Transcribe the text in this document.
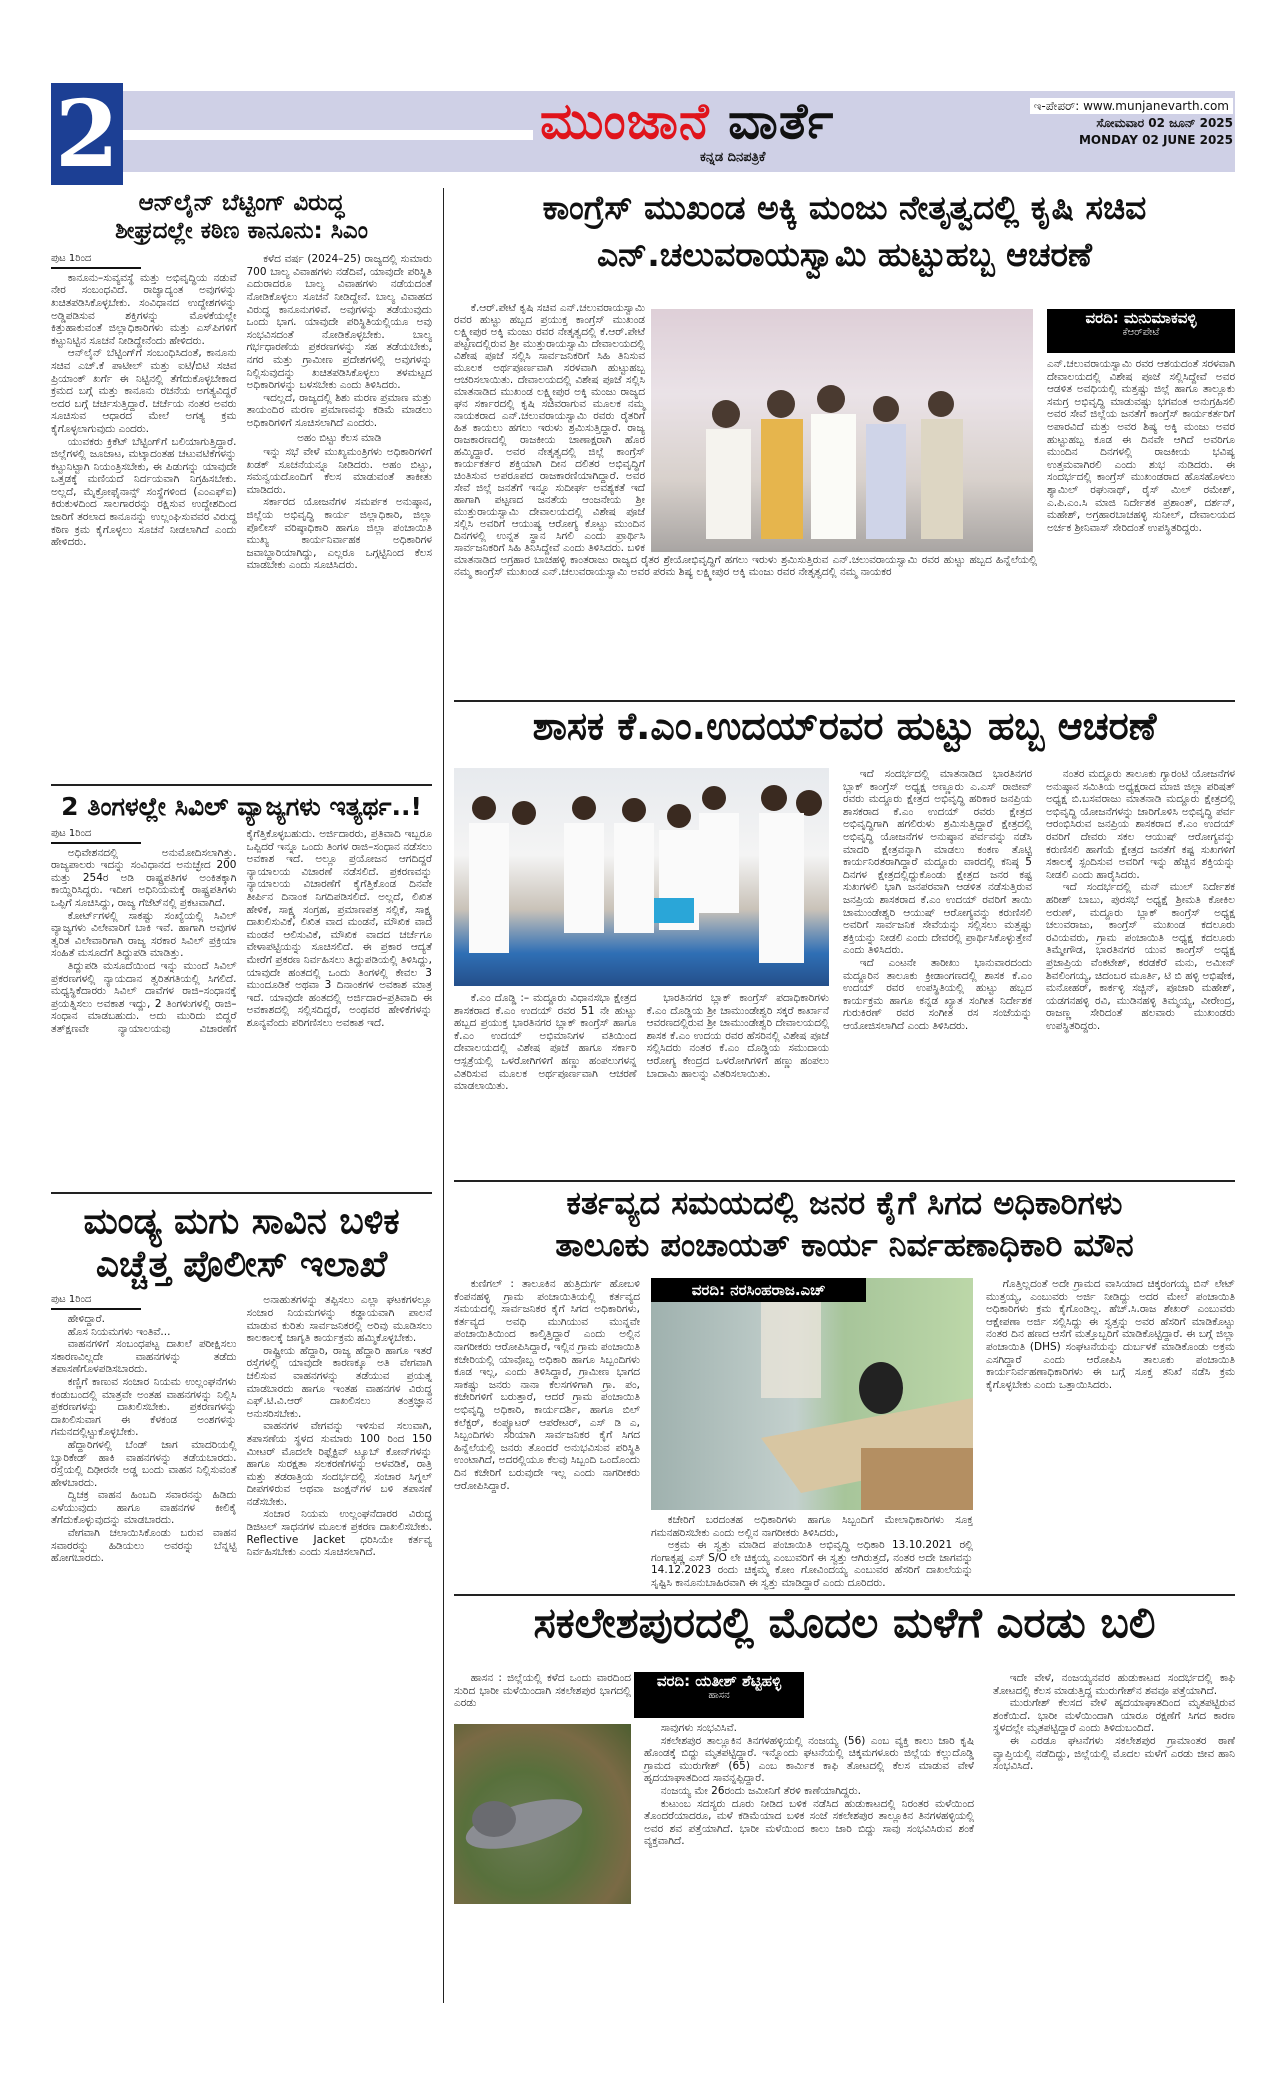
2	ಮುಂಜಾನೆ ವಾರ್ತೆ
ಕನ್ನಡ ದಿನಪತ್ರಿಕೆ
ಇ-ಪೇಪರ್: www.munjanevarth.com
ಸೋಮವಾರ 02 ಜೂನ್ 2025
MONDAY 02 JUNE 2025
ಆನ್‌ಲೈನ್ ಬೆಟ್ಟಿಂಗ್ ವಿರುದ್ಧ
ಶೀಘ್ರದಲ್ಲೇ ಕಠಿಣ ಕಾನೂನು: ಸಿಎಂ
ಪುಟ 1ರಿಂದ

ಕಾನೂನು–ಸುವ್ಯವಸ್ಥೆ ಮತ್ತು ಅಭಿವೃದ್ಧಿಯ ನಡುವೆ ನೇರ ಸಂಬಂಧವಿದೆ. ರಾಜ್ಯಾದ್ಯಂತ ಅವುಗಳನ್ನು ಖಚಿತಪಡಿಸಿಕೊಳ್ಳಬೇಕು. ಸಂವಿಧಾನದ ಉದ್ದೇಶಗಳನ್ನು ಅಡ್ಡಿಪಡಿಸುವ ಶಕ್ತಿಗಳನ್ನು ಮೊಳಕೆಯಲ್ಲೇ ಕಿತ್ತುಹಾಕುವಂತೆ ಜಿಲ್ಲಾಧಿಕಾರಿಗಳು ಮತ್ತು ಎಸ್‌ಪಿಗಳಿಗೆ ಕಟ್ಟುನಿಟ್ಟಿನ ಸೂಚನೆ ನೀಡಿದ್ದೇನೆಂದು ಹೇಳಿದರು.

ಆನ್‌ಲೈನ್ ಬೆಟ್ಟಿಂಗ್‌ಗೆ ಸಂಬಂಧಿಸಿದಂತೆ, ಕಾನೂನು ಸಚಿವ ಎಚ್.ಕೆ ಪಾಟೀಲ್ ಮತ್ತು ಐಟಿ/ಬಿಟಿ ಸಚಿವ ಪ್ರಿಯಾಂಕ್ ಖರ್ಗೆ ಈ ನಿಟ್ಟಿನಲ್ಲಿ ತೆಗೆದುಕೊಳ್ಳಬೇಕಾದ ಕ್ರಮದ ಬಗ್ಗೆ ಮತ್ತು ಕಾನೂನು ರಚನೆಯ ಅಗತ್ಯವಿದ್ದರೆ ಅದರ ಬಗ್ಗೆ ಚರ್ಚಿಸುತ್ತಿದ್ದಾರೆ. ಚರ್ಚೆಯ ನಂತರ ಅವರು ಸೂಚಿಸುವ ಆಧಾರದ ಮೇಲೆ ಅಗತ್ಯ ಕ್ರಮ ಕೈಗೊಳ್ಳಲಾಗುವುದು ಎಂದರು.

ಯುವಕರು ಕ್ರಿಕೆಟ್ ಬೆಟ್ಟಿಂಗ್‌ಗೆ ಬಲಿಯಾಗುತ್ತಿದ್ದಾರೆ. ಜಿಲ್ಲೆಗಳಲ್ಲಿ ಜೂಜಾಟ, ಮಟ್ಕಾದಂತಹ ಚಟುವಟಿಕೆಗಳನ್ನು ಕಟ್ಟುನಿಟ್ಟಾಗಿ ನಿಯಂತ್ರಿಸಬೇಕು, ಈ ಪಿಡುಗನ್ನು ಯಾವುದೇ ಒತ್ತಡಕ್ಕೆ ಮಣಿಯದೆ ನಿರ್ದಯವಾಗಿ ನಿಗ್ರಹಿಸಬೇಕು. ಅಲ್ಲದೆ, ಮೈಕ್ರೋಫೈನಾನ್ಸ್ ಸಂಸ್ಥೆಗಳಿಂದ (ಎಂಎಫ್‌ಐ) ಕಿರುಕುಳದಿಂದ ಸಾಲಗಾರರನ್ನು ರಕ್ಷಿಸುವ ಉದ್ದೇಶದಿಂದ ಜಾರಿಗೆ ತರಲಾದ ಕಾನೂನನ್ನು ಉಲ್ಲಂಘಿಸುವವರ ವಿರುದ್ಧ ಕಠಿಣ ಕ್ರಮ ಕೈಗೊಳ್ಳಲು ಸೂಚನೆ ನೀಡಲಾಗಿದೆ ಎಂದು ಹೇಳಿದರು.

ಕಳೆದ ವರ್ಷ (2024–25) ರಾಜ್ಯದಲ್ಲಿ ಸುಮಾರು 700 ಬಾಲ್ಯ ವಿವಾಹಗಳು ನಡೆದಿವೆ, ಯಾವುದೇ ಪರಿಸ್ಥಿತಿ ಎದುರಾದರೂ ಬಾಲ್ಯ ವಿವಾಹಗಳು ನಡೆಯದಂತೆ ನೋಡಿಕೊಳ್ಳಲು ಸೂಚನೆ ನೀಡಿದ್ದೇನೆ. ಬಾಲ್ಯ ವಿವಾಹದ ವಿರುದ್ಧ ಕಾನೂನುಗಳಿವೆ. ಅವುಗಳನ್ನು ತಡೆಯುವುದು ಒಂದು ಭಾಗ. ಯಾವುದೇ ಪರಿಸ್ಥಿತಿಯಲ್ಲಿಯೂ ಅವು ಸಂಭವಿಸದಂತೆ ನೋಡಿಕೊಳ್ಳಬೇಕು. ಬಾಲ್ಯ ಗರ್ಭಧಾರಣೆಯ ಪ್ರಕರಣಗಳನ್ನು ಸಹ ತಡೆಯಬೇಕು, ನಗರ ಮತ್ತು ಗ್ರಾಮೀಣ ಪ್ರದೇಶಗಳಲ್ಲಿ ಅವುಗಳನ್ನು ನಿಲ್ಲಿಸುವುದನ್ನು ಖಚಿತಪಡಿಸಿಕೊಳ್ಳಲು ತಳಮಟ್ಟದ ಅಧಿಕಾರಿಗಳನ್ನು ಬಳಸಬೇಕು ಎಂದು ತಿಳಿಸಿದರು.

ಇದಲ್ಲದೆ, ರಾಜ್ಯದಲ್ಲಿ ಶಿಶು ಮರಣ ಪ್ರಮಾಣ ಮತ್ತು ತಾಯಂದಿರ ಮರಣ ಪ್ರಮಾಣವನ್ನು ಕಡಿಮೆ ಮಾಡಲು ಅಧಿಕಾರಿಗಳಿಗೆ ಸೂಚಿಸಲಾಗಿದೆ ಎಂದರು.

ಅಹಂ ಬಿಟ್ಟು ಕೆಲಸ ಮಾಡಿ

ಇನ್ನು ಸಭೆ ವೇಳೆ ಮುಖ್ಯಮಂತ್ರಿಗಳು ಅಧಿಕಾರಿಗಳಿಗೆ ಖಡಕ್ ಸೂಚನೆಯನ್ನೂ ನೀಡಿದರು. ಅಹಂ ಬಿಟ್ಟು, ಸಮನ್ವಯದೊಂದಿಗೆ ಕೆಲಸ ಮಾಡುವಂತೆ ತಾಕೀತು ಮಾಡಿದರು.

ಸರ್ಕಾರದ ಯೋಜನೆಗಳ ಸಮರ್ಪಕ ಅನುಷ್ಠಾನ, ಜಿಲ್ಲೆಯ ಅಭಿವೃದ್ಧಿ ಕಾರ್ಯ ಜಿಲ್ಲಾಧಿಕಾರಿ, ಜಿಲ್ಲಾ ಪೊಲೀಸ್ ವರಿಷ್ಠಾಧಿಕಾರಿ ಹಾಗೂ ಜಿಲ್ಲಾ ಪಂಚಾಯಿತಿ ಮುಖ್ಯ ಕಾರ್ಯನಿರ್ವಾಹಕ ಅಧಿಕಾರಿಗಳ ಜವಾಬ್ದಾರಿಯಾಗಿದ್ದು, ಎಲ್ಲರೂ ಒಗ್ಗಟ್ಟಿನಿಂದ ಕೆಲಸ ಮಾಡಬೇಕು ಎಂದು ಸೂಚಿಸಿದರು.

2 ತಿಂಗಳಲ್ಲೇ ಸಿವಿಲ್ ವ್ಯಾಜ್ಯಗಳು ಇತ್ಯರ್ಥ..!
ಪುಟ 1ರಿಂದ

ಅಧಿವೇಶನದಲ್ಲಿ ಅನುಮೋದಿಸಲಾಗಿತ್ತು. ರಾಜ್ಯಪಾಲರು ಇದನ್ನು ಸಂವಿಧಾನದ ಅನುಚ್ಛೇದ 200 ಮತ್ತು 254ರ ಅಡಿ ರಾಷ್ಟ್ರಪತಿಗಳ ಅಂಕಿತಕ್ಕಾಗಿ ಕಾಯ್ದಿರಿಸಿದ್ದರು. ಇದೀಗ ಅಧಿನಿಯಮಕ್ಕೆ ರಾಷ್ಟ್ರಪತಿಗಳು ಒಪ್ಪಿಗೆ ಸೂಚಿಸಿದ್ದು, ರಾಜ್ಯ ಗೆಜೆಟ್‌ನಲ್ಲಿ ಪ್ರಕಟವಾಗಿದೆ.

ಕೋರ್ಟ್‌ಗಳಲ್ಲಿ ಸಾಕಷ್ಟು ಸಂಖ್ಯೆಯಲ್ಲಿ ಸಿವಿಲ್ ವ್ಯಾಜ್ಯಗಳು ವಿಲೇವಾರಿಗೆ ಬಾಕಿ ಇವೆ. ಹಾಗಾಗಿ ಅವುಗಳ ತ್ವರಿತ ವಿಲೇವಾರಿಗಾಗಿ ರಾಜ್ಯ ಸರಕಾರ ಸಿವಿಲ್ ಪ್ರಕ್ರಿಯಾ ಸಂಹಿತೆ ಮಸೂದೆಗೆ ತಿದ್ದುಪಡಿ ಮಾಡಿತ್ತು.

ತಿದ್ದುಪಡಿ ಮಸೂದೆಯಿಂದ ಇನ್ನು ಮುಂದೆ ಸಿವಿಲ್ ಪ್ರಕರಣಗಳಲ್ಲಿ ನ್ಯಾಯದಾನ ತ್ವರಿತಗತಿಯಲ್ಲಿ ಸಿಗಲಿದೆ. ಮಧ್ಯಸ್ಥಿಕೆದಾರರು ಸಿವಿಲ್ ದಾವೆಗಳ ರಾಜಿ–ಸಂಧಾನಕ್ಕೆ ಪ್ರಯತ್ನಿಸಲು ಅವಕಾಶ ಇದ್ದು, 2 ತಿಂಗಳುಗಳಲ್ಲಿ ರಾಜಿ–ಸಂಧಾನ ಮಾಡಬಹುದು. ಅದು ಮುರಿದು ಬಿದ್ದರೆ ತತ್‌ಕ್ಷಣವೇ ನ್ಯಾಯಾಲಯವು ವಿಚಾರಣೆಗೆ ಕೈಗೆತ್ತಿಕೊಳ್ಳಬಹುದು. ಅರ್ಜಿದಾರರು, ಪ್ರತಿವಾದಿ ಇಬ್ಬರೂ ಒಪ್ಪಿದರೆ ಇನ್ನೂ ಒಂದು ತಿಂಗಳ ರಾಜಿ–ಸಂಧಾನ ನಡೆಸಲು ಅವಕಾಶ ಇದೆ. ಅಲ್ಲೂ ಪ್ರಯೋಜನ ಆಗದಿದ್ದರೆ ನ್ಯಾಯಾಲಯ ವಿಚಾರಣೆ ನಡೆಸಲಿದೆ. ಪ್ರಕರಣವನ್ನು ನ್ಯಾಯಾಲಯ ವಿಚಾರಣೆಗೆ ಕೈಗೆತ್ತಿಕೊಂಡ ದಿನವೇ ತೀರ್ಪಿನ ದಿನಾಂಕ ನಿಗದಿಪಡಿಸಲಿದೆ. ಅಲ್ಲದೆ, ಲಿಖಿತ ಹೇಳಿಕೆ, ಸಾಕ್ಷ್ಯ ಸಂಗ್ರಹ, ಪ್ರಮಾಣಪತ್ರ ಸಲ್ಲಿಕೆ, ಸಾಕ್ಷ್ಯ ದಾಖಲಿಸುವಿಕೆ, ಲಿಖಿತ ವಾದ ಮಂಡನೆ, ಮೌಖಿಕ ವಾದ ಮಂಡನೆ ಆಲಿಸುವಿಕೆ, ಮೌಖಿಕ ವಾದದ ಚರ್ಚೆಗೂ ವೇಳಾಪಟ್ಟಿಯನ್ನು ಸೂಚಿಸಲಿದೆ. ಈ ಪ್ರಕಾರ ಆದ್ಯತೆ ಮೇರೆಗೆ ಪ್ರಕರಣ ನಿರ್ವಹಿಸಲು ತಿದ್ದುಪಡಿಯಲ್ಲಿ ತಿಳಿಸಿದ್ದು, ಯಾವುದೇ ಹಂತದಲ್ಲಿ ಒಂದು ತಿಂಗಳಲ್ಲಿ ಕೇವಲ 3 ಮುಂದೂಡಿಕೆ ಅಥವಾ 3 ದಿನಾಂಕಗಳ ಅವಕಾಶ ಮಾತ್ರ ಇದೆ. ಯಾವುದೇ ಹಂತದಲ್ಲಿ ಅರ್ಜಿದಾರ–ಪ್ರತಿವಾದಿ ಈ ಅವಕಾಶದಲ್ಲಿ ಸಲ್ಲಿಸದಿದ್ದರೆ, ಅಂಥವರ ಹೇಳಿಕೆಗಳನ್ನು ಶೂನ್ಯವೆಂದು ಪರಿಗಣಿಸಲು ಅವಕಾಶ ಇದೆ.

ಮಂಡ್ಯ ಮಗು ಸಾವಿನ ಬಳಿಕ
ಎಚ್ಚೆತ್ತ ಪೊಲೀಸ್ ಇಲಾಖೆ
ಪುಟ 1ರಿಂದ

ಹೇಳಿದ್ದಾರೆ.

ಹೊಸ ನಿಯಮಗಳು ಇಂತಿವೆ...

ವಾಹನಗಳಿಗೆ ಸಂಬಂಧಪಟ್ಟ ದಾಖಲೆ ಪರೀಕ್ಷಿಸಲು ಸಕಾರಣವಿಲ್ಲದೇ ವಾಹನಗಳನ್ನು ತಡೆದು ತಪಾಸಣೆಗೊಳಪಡಿಸಬಾರದು.

ಕಣ್ಣಿಗೆ ಕಾಣುವ ಸಂಚಾರ ನಿಯಮ ಉಲ್ಲಂಘನೆಗಳು ಕಂಡುಬಂದಲ್ಲಿ ಮಾತ್ರವೇ ಅಂತಹ ವಾಹನಗಳನ್ನು ನಿಲ್ಲಿಸಿ ಪ್ರಕರಣಗಳನ್ನು ದಾಖಲಿಸಬೇಕು. ಪ್ರಕರಣಗಳನ್ನು ದಾಖಲಿಸುವಾಗ ಈ ಕೆಳಕಂಡ ಅಂಶಗಳನ್ನು ಗಮನದಲ್ಲಿಟ್ಟುಕೊಳ್ಳಬೇಕು.

ಹೆದ್ದಾರಿಗಳಲ್ಲಿ ಬೆಂಡ್ ಜಾಗ ಮಾದರಿಯಲ್ಲಿ ಬ್ಯಾರಿಕೇಡ್ ಹಾಕಿ ವಾಹನಗಳನ್ನು ತಡೆಯಬಾರದು. ರಸ್ತೆಯಲ್ಲಿ ದಿಢೀರನೇ ಅಡ್ಡ ಬಂದು ವಾಹನ ನಿಲ್ಲಿಸುವಂತೆ ಹೇಳಬಾರದು.

ದ್ವಿಚಕ್ರ ವಾಹನ ಹಿಂಬದಿ ಸವಾರನನ್ನು ಹಿಡಿದು ಎಳೆಯುವುದು ಹಾಗೂ ವಾಹನಗಳ ಕೀಲಿಕೈ ತೆಗೆದುಕೊಳ್ಳುವುದನ್ನು ಮಾಡಬಾರದು.

ವೇಗವಾಗಿ ಚಲಾಯಿಸಿಕೊಂಡು ಬರುವ ವಾಹನ ಸವಾರರನ್ನು ಹಿಡಿಯಲು ಅವರನ್ನು ಬೆನ್ನಟ್ಟಿ ಹೋಗಬಾರದು.

ಅನಾಹುತಗಳನ್ನು ತಪ್ಪಿಸಲು ಎಲ್ಲಾ ಘಟಕಗಳಲ್ಲೂ ಸಂಚಾರ ನಿಯಮಗಳನ್ನು ಕಡ್ಡಾಯವಾಗಿ ಪಾಲನೆ ಮಾಡುವ ಕುರಿತು ಸಾರ್ವಜನಿಕರಲ್ಲಿ ಅರಿವು ಮೂಡಿಸಲು ಕಾಲಕಾಲಕ್ಕೆ ಜಾಗೃತಿ ಕಾರ್ಯಕ್ರಮ ಹಮ್ಮಿಕೊಳ್ಳಬೇಕು.

ರಾಷ್ಟ್ರೀಯ ಹೆದ್ದಾರಿ, ರಾಜ್ಯ ಹೆದ್ದಾರಿ ಹಾಗೂ ಇತರೆ ರಸ್ತೆಗಳಲ್ಲಿ ಯಾವುದೇ ಕಾರಣಕ್ಕೂ ಅತಿ ವೇಗವಾಗಿ ಚಲಿಸುವ ವಾಹನಗಳನ್ನು ತಡೆಯುವ ಪ್ರಯತ್ನ ಮಾಡಬಾರದು ಹಾಗೂ ಇಂತಹ ವಾಹನಗಳ ವಿರುದ್ಧ ಎಫ್.ಟಿ.ವಿ.ಆರ್ ದಾಖಲಿಸಲು ತಂತ್ರಜ್ಞಾನ ಅನುಸರಿಸಬೇಕು.

ವಾಹನಗಳ ವೇಗವನ್ನು ಇಳಿಸುವ ಸಲುವಾಗಿ, ತಪಾಸಣೆಯ ಸ್ಥಳದ ಸುಮಾರು 100 ರಿಂದ 150 ಮೀಟರ್ ಮೊದಲೇ ರಿಫ್ಲೆಕ್ಟಿವ್ ಟ್ಯೂಬ್ ಕೋನ್‌ಗಳನ್ನು ಹಾಗೂ ಸುರಕ್ಷತಾ ಸಲಕರಣೆಗಳನ್ನು ಅಳವಡಿಕೆ, ರಾತ್ರಿ ಮತ್ತು ತಡರಾತ್ರಿಯ ಸಂದರ್ಭದಲ್ಲಿ ಸಂಚಾರ ಸಿಗ್ನಲ್ ದೀಪಗಳಿರುವ ಅಥವಾ ಜಂಕ್ಷನ್‌ಗಳ ಬಳಿ ತಪಾಸಣೆ ನಡೆಸಬೇಕು.

ಸಂಚಾರ ನಿಯಮ ಉಲ್ಲಂಘನೆದಾರರ ವಿರುದ್ಧ ಡಿಜಿಟಲ್ ಸಾಧನಗಳ ಮೂಲಕ ಪ್ರಕರಣ ದಾಖಲಿಸಬೇಕು. Reflective Jacket ಧರಿಸಿಯೇ ಕರ್ತವ್ಯ ನಿರ್ವಹಿಸಬೇಕು ಎಂದು ಸೂಚಿಸಲಾಗಿದೆ.

ಕಾಂಗ್ರೆಸ್ ಮುಖಂಡ ಅಕ್ಕಿ ಮಂಜು ನೇತೃತ್ವದಲ್ಲಿ ಕೃಷಿ ಸಚಿವ
ಎನ್.ಚಲುವರಾಯಸ್ವಾಮಿ ಹುಟ್ಟುಹಬ್ಬ ಆಚರಣೆ

ಕೆ.ಆರ್.ಪೇಟೆ ಕೃಷಿ ಸಚಿವ ಎನ್.ಚಲುವರಾಯಸ್ವಾಮಿ ರವರ ಹುಟ್ಟು ಹಬ್ಬದ ಪ್ರಯುಕ್ತ ಕಾಂಗ್ರೆಸ್ ಮುಖಂಡ ಲಕ್ಷ್ಮೀಪುರ ಅಕ್ಕಿ ಮಂಜು ರವರ ನೇತೃತ್ವದಲ್ಲಿ ಕೆ.ಆರ್.ಪೇಟೆ ಪಟ್ಟಣದಲ್ಲಿರುವ ಶ್ರೀ ಮುತ್ತುರಾಯಸ್ವಾಮಿ ದೇವಾಲಯದಲ್ಲಿ ವಿಶೇಷ ಪೂಜೆ ಸಲ್ಲಿಸಿ ಸಾರ್ವಜನಿಕರಿಗೆ ಸಿಹಿ ತಿನಿಸುವ ಮೂಲಕ ಅರ್ಥಪೂರ್ಣವಾಗಿ ಸರಳವಾಗಿ ಹುಟ್ಟುಹಬ್ಬ ಆಚರಿಸಲಾಯಿತು. ದೇವಾಲಯದಲ್ಲಿ ವಿಶೇಷ ಪೂಜೆ ಸಲ್ಲಿಸಿ ಮಾತನಾಡಿದ ಮುಖಂಡ ಲಕ್ಷ್ಮೀಪುರ ಅಕ್ಕಿ ಮಂಜು ರಾಜ್ಯದ ಘನ ಸರ್ಕಾರದಲ್ಲಿ ಕೃಷಿ ಸಚಿವರಾಗುವ ಮೂಲಕ ನಮ್ಮ ನಾಯಕರಾದ ಎನ್.ಚಲುವರಾಯಸ್ವಾಮಿ ರವರು ರೈತರಿಗೆ ಹಿತ ಕಾಯಲು ಹಗಲು ಇರುಳು ಶ್ರಮಿಸುತ್ತಿದ್ದಾರೆ. ರಾಜ್ಯ ರಾಜಕಾರಣದಲ್ಲಿ ರಾಜಕೀಯ ಚಾಣಾಕ್ಷರಾಗಿ ಹೊರ ಹಮ್ಮಿದ್ದಾರೆ. ಅವರ ನೇತೃತ್ವದಲ್ಲಿ ಜಿಲ್ಲೆ ಕಾಂಗ್ರೆಸ್ ಕಾರ್ಯಕರ್ತರ ಶಕ್ತಿಯಾಗಿ ದೀನ ದಲಿತರ ಅಭಿವೃದ್ಧಿಗೆ ಚಿಂತಿಸುವ ಅಪರೂಪದ ರಾಜಕಾರಣಿಯಾಗಿದ್ದಾರೆ. ಅವರ ಸೇವೆ ಜಿಲ್ಲೆ ಜನತೆಗೆ ಇನ್ನೂ ಸುದೀರ್ಘ ಅವಶ್ಯಕತೆ ಇದೆ ಹಾಗಾಗಿ ಪಟ್ಟಣದ ಜನತೆಯ ಆಂಜನೇಯ ಶ್ರೀ ಮುತ್ತುರಾಯಸ್ವಾಮಿ ದೇವಾಲಯದಲ್ಲಿ ವಿಶೇಷ ಪೂಜೆ ಸಲ್ಲಿಸಿ ಅವರಿಗೆ ಆಯುಷ್ಯ ಆರೋಗ್ಯ ಕೊಟ್ಟು ಮುಂದಿನ ದಿನಗಳಲ್ಲಿ ಉನ್ನತ ಸ್ಥಾನ ಸಿಗಲಿ ಎಂದು ಪ್ರಾರ್ಥಿಸಿ ಸಾರ್ವಜನಿಕರಿಗೆ ಸಿಹಿ ತಿನಿಸಿದ್ದೇವೆ ಎಂದು ತಿಳಿಸಿದರು. ಬಳಿಕ ಮಾತನಾಡಿದ ಅಗ್ರಹಾರ ಬಾಚಹಳ್ಳಿ ಕಾಂತರಾಜು ರಾಜ್ಯದ ರೈತರ ಶ್ರೇಯೋಭಿವೃದ್ಧಿಗೆ ಹಗಲು ಇರುಳು ಶ್ರಮಿಸುತ್ತಿರುವ ಎನ್.ಚಲುವರಾಯಸ್ವಾಮಿ ರವರ ಹುಟ್ಟು ಹಬ್ಬದ ಹಿನ್ನೆಲೆಯಲ್ಲಿ ನಮ್ಮ ಕಾಂಗ್ರೆಸ್ ಮುಖಂಡ ಎನ್.ಚಲುವರಾಯಸ್ವಾಮಿ ಅವರ ಪರಮ ಶಿಷ್ಯ ಲಕ್ಷ್ಮೀಪುರ ಅಕ್ಕಿ ಮಂಜು ರವರ ನೇತೃತ್ವದಲ್ಲಿ ನಮ್ಮ ನಾಯಕರ

ವರದಿ: ಮನುಮಾಕವಳ್ಳಿ
ಕೆಆರ್‌ಪೇಟೆ

ಎನ್.ಚಲುವರಾಯಸ್ವಾಮಿ ರವರ ಆಶಯದಂತೆ ಸರಳವಾಗಿ ದೇವಾಲಯದಲ್ಲಿ ವಿಶೇಷ ಪೂಜೆ ಸಲ್ಲಿಸಿದ್ದೇವೆ ಅವರ ಆಡಳಿತ ಅವಧಿಯಲ್ಲಿ ಮತ್ತಷ್ಟು ಜಿಲ್ಲೆ ಹಾಗೂ ತಾಲ್ಲೂಕು ಸಮಗ್ರ ಅಭಿವೃದ್ಧಿ ಮಾಡುವಷ್ಟು ಭಗವಂತ ಅನುಗ್ರಹಿಸಲಿ ಅವರ ಸೇವೆ ಜಿಲ್ಲೆಯ ಜನತೆಗೆ ಕಾಂಗ್ರೆಸ್ ಕಾರ್ಯಕರ್ತರಿಗೆ ಅಪಾರವಿದೆ ಮತ್ತು ಅವರ ಶಿಷ್ಯ ಅಕ್ಕಿ ಮಂಜು ಅವರ ಹುಟ್ಟುಹಬ್ಬ ಕೂಡ ಈ ದಿನವೇ ಆಗಿದೆ ಅವರಿಗೂ ಮುಂದಿನ ದಿನಗಳಲ್ಲಿ ರಾಜಕೀಯ ಭವಿಷ್ಯ ಉತ್ತಮವಾಗಿರಲಿ ಎಂದು ಶುಭ ನುಡಿದರು. ಈ ಸಂದರ್ಭದಲ್ಲಿ ಕಾಂಗ್ರೆಸ್ ಮುಖಂಡರಾದ ಹೊಸಹೊಳಲು ಶ್ಯಾಮಿಲ್ ರಘುನಾಥ್, ರೈಸ್ ಮಿಲ್ ರಮೇಶ್, ಎ.ಪಿ.ಎಂ.ಸಿ ಮಾಜಿ ನಿರ್ದೇಶಕ ಪ್ರಶಾಂತ್, ದರ್ಶನ್, ಮಹೇಶ್, ಅಗ್ರಹಾರಬಾಚಹಳ್ಳಿ ಸುನೀಲ್, ದೇವಾಲಯದ ಅರ್ಚಕ ಶ್ರೀನಿವಾಸ್ ಸೇರಿದಂತೆ ಉಪಸ್ಥಿತರಿದ್ದರು.

ಶಾಸಕ ಕೆ.ಎಂ.ಉದಯ್‌ರವರ ಹುಟ್ಟು ಹಬ್ಬ ಆಚರಣೆ

ಕೆ.ಎಂ ದೊಡ್ಡಿ :– ಮದ್ದೂರು ವಿಧಾನಸಭಾ ಕ್ಷೇತ್ರದ ಶಾಸಕರಾದ ಕೆ.ಎಂ ಉದಯ್ ರವರ 51 ನೇ ಹುಟ್ಟು ಹಬ್ಬದ ಪ್ರಯುಕ್ತ ಭಾರತಿನಗರ ಬ್ಲಾಕ್ ಕಾಂಗ್ರೆಸ್ ಹಾಗೂ ಕೆ.ಎಂ ಉದಯ್ ಅಭಿಮಾನಿಗಳ ವತಿಯಿಂದ ದೇವಾಲಯದಲ್ಲಿ ವಿಶೇಷ ಪೂಜೆ ಹಾಗೂ ಸರ್ಕಾರಿ ಆಸ್ಪತ್ರೆಯಲ್ಲಿ ಒಳರೋಗಿಗಳಿಗೆ ಹಣ್ಣು ಹಂಪಲುಗಳನ್ನ ವಿತರಿಸುವ ಮೂಲಕ ಅರ್ಥಪೂರ್ಣವಾಗಿ ಆಚರಣೆ ಮಾಡಲಾಯಿತು.

ಭಾರತಿನಗರ ಬ್ಲಾಕ್ ಕಾಂಗ್ರೆಸ್ ಪದಾಧಿಕಾರಿಗಳು ಕೆ.ಎಂ ದೊಡ್ಡಿಯ ಶ್ರೀ ಚಾಮುಂಡೇಶ್ವರಿ ಸಕ್ಕರೆ ಕಾರ್ಖಾನೆ ಆವರಣದಲ್ಲಿರುವ ಶ್ರೀ ಚಾಮುಂಡೇಶ್ವರಿ ದೇವಾಲಯದಲ್ಲಿ ಶಾಸಕ ಕೆ.ಎಂ ಉದಯ ರವರ ಹೆಸರಿನಲ್ಲಿ ವಿಶೇಷ ಪೂಜೆ ಸಲ್ಲಿಸಿದರು ನಂತರ ಕೆ.ಎಂ ದೊಡ್ಡಿಯ ಸಮುದಾಯ ಆರೋಗ್ಯ ಕೇಂದ್ರದ ಒಳರೋಗಿಗಳಿಗೆ ಹಣ್ಣು ಹಂಪಲು ಬಾದಾಮಿ ಹಾಲನ್ನು ವಿತರಿಸಲಾಯಿತು.

ಇದೆ ಸಂದರ್ಭದಲ್ಲಿ ಮಾತನಾಡಿದ ಭಾರತಿನಗರ ಬ್ಲಾಕ್ ಕಾಂಗ್ರೆಸ್ ಅಧ್ಯಕ್ಷ ಅಣ್ಣೂರು ಎ.ಎಸ್ ರಾಜೀವ್ ರವರು ಮದ್ದೂರು ಕ್ಷೇತ್ರದ ಅಭಿವೃದ್ಧಿ ಹರಿಕಾರ ಜನಪ್ರಿಯ ಶಾಸಕರಾದ ಕೆ.ಎಂ ಉದಯ್ ರವರು ಕ್ಷೇತ್ರದ ಅಭಿವೃದ್ಧಿಗಾಗಿ ಹಗಲಿರುಳು ಶ್ರಮಿಸುತ್ತಿದ್ದಾರೆ ಕ್ಷೇತ್ರದಲ್ಲಿ ಅಭಿವೃದ್ಧಿ ಯೋಜನೆಗಳ ಅನುಷ್ಠಾನ ಪರ್ವವನ್ನು ನಡೆಸಿ ಮಾದರಿ ಕ್ಷೇತ್ರವನ್ನಾಗಿ ಮಾಡಲು ಕಂಕಣ ತೊಟ್ಟಿ ಕಾರ್ಯನಿರತರಾಗಿದ್ದಾರೆ ಮದ್ದೂರು ವಾರದಲ್ಲಿ ಕನಿಷ್ಠ 5 ದಿನಗಳ ಕ್ಷೇತ್ರದಲ್ಲಿದ್ದುಕೊಂಡು ಕ್ಷೇತ್ರದ ಜನರ ಕಷ್ಟ ಸುಖಗಳಲಿ ಭಾಗಿ ಜನಪರವಾಗಿ ಆಡಳಿತ ನಡೆಸುತ್ತಿರುವ ಜನಪ್ರಿಯ ಶಾಸಕರಾದ ಕೆ.ಎಂ ಉದಯ್ ರವರಿಗೆ ತಾಯಿ ಚಾಮುಂಡೇಶ್ವರಿ ಆಯುಷ್ ಆರೋಗ್ಯವನ್ನು ಕರುಣಿಸಲಿ ಅವರಿಗೆ ಸಾರ್ವಜನಿಕ ಸೇವೆಯನ್ನು ಸಲ್ಲಿಸಲು ಮತ್ತಷ್ಟು ಶಕ್ತಿಯನ್ನು ನೀಡಲಿ ಎಂದು ದೇವರಲ್ಲಿ ಪ್ರಾರ್ಥಿಸಿಕೊಳ್ಳುತ್ತೇನೆ ಎಂದು ತಿಳಿಸಿದರು.

ಇದೆ ಎಂಟನೇ ತಾರೀಖು ಭಾನುವಾರದಂದು ಮದ್ದೂರಿನ ತಾಲೂಕು ಕ್ರೀಡಾಂಗಣದಲ್ಲಿ ಶಾಸಕ ಕೆ.ಎಂ ಉದಯ್ ರವರ ಉಪಸ್ಥಿತಿಯಲ್ಲಿ ಹುಟ್ಟು ಹಬ್ಬದ ಕಾರ್ಯಕ್ರಮ ಹಾಗೂ ಕನ್ನಡ ಖ್ಯಾತ ಸಂಗೀತ ನಿರ್ದೇಶಕ ಗುರುಕಿರಣ್ ರವರ ಸಂಗೀತ ರಸ ಸಂಜೆಯನ್ನು ಆಯೋಜಿಸಲಾಗಿದೆ ಎಂದು ತಿಳಿಸಿದರು.

ನಂತರ ಮದ್ದೂರು ತಾಲೂಕು ಗ್ಯಾರಂಟಿ ಯೋಜನೆಗಳ ಅನುಷ್ಠಾನ ಸಮಿತಿಯ ಅಧ್ಯಕ್ಷರಾದ ಮಾಜಿ ಜಿಲ್ಲಾ ಪರಿಷತ್ ಅಧ್ಯಕ್ಷ ಬಿ.ಬಸವರಾಜು ಮಾತನಾಡಿ ಮದ್ದೂರು ಕ್ಷೇತ್ರದಲ್ಲಿ ಅಭಿವೃದ್ಧಿ ಯೋಜನೆಗಳನ್ನು ಜಾರಿಗೊಳಿಸಿ ಅಭಿವೃದ್ಧಿ ಪರ್ವ ಆರಂಭಿಸಿರುವ ಜನಪ್ರಿಯ ಶಾಸಕರಾದ ಕೆ.ಎಂ ಉದಯ್ ರವರಿಗೆ ದೇವರು ಸಕಲ ಆಯುಷ್ ಆರೋಗ್ಯವನ್ನು ಕರುಣಿಸಲಿ ಹಾಗೆಯೆ ಕ್ಷೇತ್ರದ ಜನತೆಗೆ ಕಷ್ಟ ಸುಖಗಳಿಗೆ ಸಕಾಲಕ್ಕೆ ಸ್ಪಂದಿಸುವ ಅವರಿಗೆ ಇನ್ನು ಹೆಚ್ಚಿನ ಶಕ್ತಿಯನ್ನು ನೀಡಲಿ ಎಂದು ಹಾರೈಸಿದರು.

ಇದೆ ಸಂದರ್ಭದಲ್ಲಿ ಮನ್ ಮುಲ್ ನಿರ್ದೇಶಕ ಹರೀಶ್ ಬಾಬು, ಪುರಸಭೆ ಅಧ್ಯಕ್ಷೆ ಶ್ರೀಮತಿ ಕೋಕಿಲ ಅರುಣ್, ಮದ್ದೂರು ಬ್ಲಾಕ್ ಕಾಂಗ್ರೆಸ್ ಅಧ್ಯಕ್ಷ ಚಲುವರಾಜು, ಕಾಂಗ್ರೆಸ್ ಮುಖಂಡ ಕದಲೂರು ರವಿಯವರು, ಗ್ರಾಮ ಪಂಚಾಯಿತಿ ಅಧ್ಯಕ್ಷ ಕದಲೂರು ತಿಮ್ಮೇಗೌಡ, ಭಾರತಿನಗರ ಯುವ ಕಾಂಗ್ರೆಸ್ ಅಧ್ಯಕ್ಷ ಪ್ರಜಾಪ್ರಿಯ ವೆಂಕಟೇಶ್, ಕರಡಕೆರೆ ಮನು, ಅಮೀನ್ ಶಿವಲಿಂಗಯ್ಯ, ಚಿದಂಬರ ಮೂರ್ತಿ, ಟಿ ಬಿ ಹಳ್ಳಿ ಅಭಿಷೇಕ, ಮನೋಹರ್, ಕಾರ್ಕಳ್ಳಿ ಸಚ್ಚಿನ್, ಪೂಜಾರಿ ಮಹೇಶ್, ಯಡಗನಹಳ್ಳಿ ರವಿ, ಮುಡಿನಹಳ್ಳಿ ತಿಮ್ಮಯ್ಯ, ವೀರೇಂದ್ರ, ರಾಜಣ್ಣ ಸೇರಿದಂತೆ ಹಲವಾರು ಮುಖಂಡರು ಉಪಸ್ಥಿತರಿದ್ದರು.

ಕರ್ತವ್ಯದ ಸಮಯದಲ್ಲಿ ಜನರ ಕೈಗೆ ಸಿಗದ ಅಧಿಕಾರಿಗಳು
ತಾಲೂಕು ಪಂಚಾಯತ್ ಕಾರ್ಯ ನಿರ್ವಹಣಾಧಿಕಾರಿ ಮೌನ

ಕುಣಿಗಲ್ : ತಾಲೂಕಿನ ಹುತ್ರಿದುರ್ಗ ಹೋಬಳಿ ಕೆಂಪನಹಳ್ಳಿ ಗ್ರಾಮ ಪಂಚಾಯಿತಿಯಲ್ಲಿ ಕರ್ತವ್ಯದ ಸಮಯದಲ್ಲಿ ಸಾರ್ವಜನಿಕರ ಕೈಗೆ ಸಿಗದ ಅಧಿಕಾರಿಗಳು, ಕರ್ತವ್ಯದ ಅವಧಿ ಮುಗಿಯುವ ಮುನ್ನವೇ ಪಂಚಾಯಿತಿಯಿಂದ ಕಾಲ್ಕಿತ್ತಿದ್ದಾರೆ ಎಂದು ಅಲ್ಲಿನ ನಾಗರೀಕರು ಆರೋಪಿಸಿದ್ದಾರೆ, ಇಲ್ಲಿನ ಗ್ರಾಮ ಪಂಚಾಯಿತಿ ಕಚೇರಿಯಲ್ಲಿ ಯಾವೊಬ್ಬ ಅಧಿಕಾರಿ ಹಾಗೂ ಸಿಬ್ಬಂದಿಗಳು ಕೂಡ ಇಲ್ಲ, ಎಂದು ತಿಳಿಸಿದ್ದಾರೆ, ಗ್ರಾಮೀಣ ಭಾಗದ ಸಾಕಷ್ಟು ಜನರು ನಾನಾ ಕೆಲಸಗಳಿಗಾಗಿ ಗ್ರಾ. ಪಂ, ಕಚೇರಿಗಳಿಗೆ ಬರುತ್ತಾರೆ, ಆದರೆ ಗ್ರಾಮ ಪಂಚಾಯಿತಿ ಅಭಿವೃದ್ಧಿ ಅಧಿಕಾರಿ, ಕಾರ್ಯದರ್ಶಿ, ಹಾಗೂ ಬಿಲ್ ಕಲೆಕ್ಟರ್, ಕಂಪ್ಯೂಟರ್ ಆಪರೇಟರ್, ಎಸ್ ಡಿ ಎ, ಸಿಬ್ಬಂದಿಗಳು ಸರಿಯಾಗಿ ಸಾರ್ವಜನಿಕರ ಕೈಗೆ ಸಿಗದ ಹಿನ್ನೆಲೆಯಲ್ಲಿ ಜನರು ತೊಂದರೆ ಅನುಭವಿಸುವ ಪರಿಸ್ಥಿತಿ ಉಂಟಾಗಿದೆ, ಅದರಲ್ಲಿಯೂ ಕೆಲವು ಸಿಬ್ಬಂದಿ ಒಂದೊಂದು ದಿನ ಕಚೇರಿಗೆ ಬರುವುದೇ ಇಲ್ಲ ಎಂದು ನಾಗರೀಕರು ಆರೋಪಿಸಿದ್ದಾರೆ.

ವರದಿ: ನರಸಿಂಹರಾಜ.ಎಚ್

ಕಚೇರಿಗೆ ಬರದಂತಹ ಅಧಿಕಾರಿಗಳು ಹಾಗೂ ಸಿಬ್ಬಂದಿಗೆ ಮೇಲಾಧಿಕಾರಿಗಳು ಸೂಕ್ತ ಗಮನಹರಿಸಬೇಕು ಎಂದು ಅಲ್ಲಿನ ನಾಗರೀಕರು ತಿಳಿಸಿದರು,

ಅಕ್ರಮ ಈ ಸ್ವತ್ತು ಮಾಡಿದ ಪಂಚಾಯಿತಿ ಅಭಿವೃದ್ಧಿ ಅಧಿಕಾರಿ 13.10.2021 ರಲ್ಲಿ ಗಂಗಾಕೃಷ್ಣ ಎಸ್ S/O ಲೇ ಚಿಕ್ಕಯ್ಯ ಎಂಬುವರಿಗೆ ಈ ಸ್ವತ್ತು ಆಗಿರುತ್ತದೆ, ನಂತರ ಅದೇ ಜಾಗವನ್ನು 14.12.2023 ರಂದು ಚಿಕ್ಕಮ್ಮ ಕೋಂ ಗೋವಿಂದಯ್ಯ ಎಂಬುವರ ಹೆಸರಿಗೆ ದಾಖಲೆಯನ್ನು ಸೃಷ್ಟಿಸಿ ಕಾನೂನುಬಾಹಿರವಾಗಿ ಈ ಸ್ವತ್ತು ಮಾಡಿದ್ದಾರೆ ಎಂದು ದೂರಿದರು.

ಗೊತ್ತಿಲ್ಲದಂತೆ ಅದೇ ಗ್ರಾಮದ ವಾಸಿಯಾದ ಚಿಕ್ಕರಂಗಯ್ಯ ಬಿನ್ ಲೇಟ್ ಮುತ್ತಯ್ಯ, ಎಂಬುವರು ಅರ್ಜಿ ನೀಡಿದ್ದು ಅದರ ಮೇಲೆ ಪಂಚಾಯಿತಿ ಅಧಿಕಾರಿಗಳು ಕ್ರಮ ಕೈಗೊಂಡಿಲ್ಲ. ಹೆಚ್.ಸಿ.ರಾಜ ಶೇಖರ್ ಎಂಬುವರು ಆಕ್ಷೇಪಣಾ ಅರ್ಜಿ ಸಲ್ಲಿಸಿದ್ದು ಈ ಸ್ವತ್ತನ್ನು ಅವರ ಹೆಸರಿಗೆ ಮಾಡಿಕೊಟ್ಟು ನಂತರ ದಿನ ಹಣದ ಆಸೆಗೆ ಮತ್ತೊಬ್ಬರಿಗೆ ಮಾಡಿಕೊಟ್ಟಿದ್ದಾರೆ. ಈ ಬಗ್ಗೆ ಜಿಲ್ಲಾ ಪಂಚಾಯಿತಿ (DHS) ಸಂಘಟನೆಯನ್ನು ದುರ್ಬಳಕೆ ಮಾಡಿಕೊಂಡು ಅಕ್ರಮ ಎಸಗಿದ್ದಾರೆ ಎಂದು ಆರೋಪಿಸಿ ತಾಲೂಕು ಪಂಚಾಯಿತಿ ಕಾರ್ಯನಿರ್ವಹಣಾಧಿಕಾರಿಗಳು ಈ ಬಗ್ಗೆ ಸೂಕ್ತ ತನಿಖೆ ನಡೆಸಿ ಕ್ರಮ ಕೈಗೊಳ್ಳಬೇಕು ಎಂದು ಒತ್ತಾಯಿಸಿದರು.

ಸಕಲೇಶಪುರದಲ್ಲಿ ಮೊದಲ ಮಳೆಗೆ ಎರಡು ಬಲಿ

ಹಾಸನ : ಜಿಲ್ಲೆಯಲ್ಲಿ ಕಳೆದ ಒಂದು ವಾರದಿಂದ ಸುರಿದ ಭಾರೀ ಮಳೆಯಿಂದಾಗಿ ಸಕಲೇಶಪುರ ಭಾಗದಲ್ಲಿ ಎರಡು

ವರದಿ: ಯತೀಶ್ ಶೆಟ್ಟಿಹಳ್ಳಿ
ಹಾಸನ

ಸಾವುಗಳು ಸಂಭವಿಸಿವೆ.

ಸಕಲೇಶಪುರ ತಾಲ್ಲೂಕಿನ ತಿನಗಳಹಳ್ಳಿಯಲ್ಲಿ ನಂಜಯ್ಯ (56) ಎಂಬ ವ್ಯಕ್ತಿ ಕಾಲು ಜಾರಿ ಕೃಷಿ ಹೊಂಡಕ್ಕೆ ಬಿದ್ದು ಮೃತಪಟ್ಟಿದ್ದಾರೆ. ಇನ್ನೊಂದು ಘಟನೆಯಲ್ಲಿ ಚಿಕ್ಕಮಗಳೂರು ಜಿಲ್ಲೆಯ ಕಲ್ಲುದೊಡ್ಡಿ ಗ್ರಾಮದ ಮುರುಗೇಶ್ (65) ಎಂಬ ಕಾರ್ಮಿಕ ಕಾಫಿ ತೋಟದಲ್ಲಿ ಕೆಲಸ ಮಾಡುವ ವೇಳೆ ಹೃದಯಾಘಾತದಿಂದ ಸಾವನ್ನಪ್ಪಿದ್ದಾರೆ.

ನಂಜಯ್ಯ ಮೇ 26ರಂದು ಜಮೀನಿಗೆ ತೆರಳಿ ಕಾಣೆಯಾಗಿದ್ದರು.

ಕುಟುಂಬ ಸದಸ್ಯರು ದೂರು ನೀಡಿದ ಬಳಿಕ ನಡೆಸಿದ ಹುಡುಕಾಟದಲ್ಲಿ ನಿರಂತರ ಮಳೆಯಿಂದ ತೊಂದರೆಯಾದರೂ, ಮಳೆ ಕಡಿಮೆಯಾದ ಬಳಿಕ ಸಂಜೆ ಸಕಲೇಶಪುರ ತಾಲ್ಲೂಕಿನ ತಿನಗಳಹಳ್ಳಿಯಲ್ಲಿ ಅವರ ಶವ ಪತ್ತೆಯಾಗಿದೆ. ಭಾರೀ ಮಳೆಯಿಂದ ಕಾಲು ಜಾರಿ ಬಿದ್ದು ಸಾವು ಸಂಭವಿಸಿರುವ ಶಂಕೆ ವ್ಯಕ್ತವಾಗಿದೆ.

ಇದೇ ವೇಳೆ, ನಂಜಯ್ಯನವರ ಹುಡುಕಾಟದ ಸಂದರ್ಭದಲ್ಲಿ ಕಾಫಿ ತೋಟದಲ್ಲಿ ಕೆಲಸ ಮಾಡುತ್ತಿದ್ದ ಮುರುಗೇಶ್‌ನ ಶವವೂ ಪತ್ತೆಯಾಗಿದೆ.

ಮುರುಗೇಶ್ ಕೆಲಸದ ವೇಳೆ ಹೃದಯಾಘಾತದಿಂದ ಮೃತಪಟ್ಟಿರುವ ಶಂಕೆಯಿದೆ. ಭಾರೀ ಮಳೆಯಿಂದಾಗಿ ಯಾರೂ ರಕ್ಷಣೆಗೆ ಸಿಗದ ಕಾರಣ ಸ್ಥಳದಲ್ಲೇ ಮೃತಪಟ್ಟಿದ್ದಾರೆ ಎಂದು ತಿಳಿದುಬಂದಿದೆ.

ಈ ಎರಡೂ ಘಟನೆಗಳು ಸಕಲೇಶಪುರ ಗ್ರಾಮಾಂತರ ಠಾಣೆ ವ್ಯಾಪ್ತಿಯಲ್ಲಿ ನಡೆದಿದ್ದು, ಜಿಲ್ಲೆಯಲ್ಲಿ ಮೊದಲ ಮಳೆಗೆ ಎರಡು ಜೀವ ಹಾನಿ ಸಂಭವಿಸಿದೆ.
